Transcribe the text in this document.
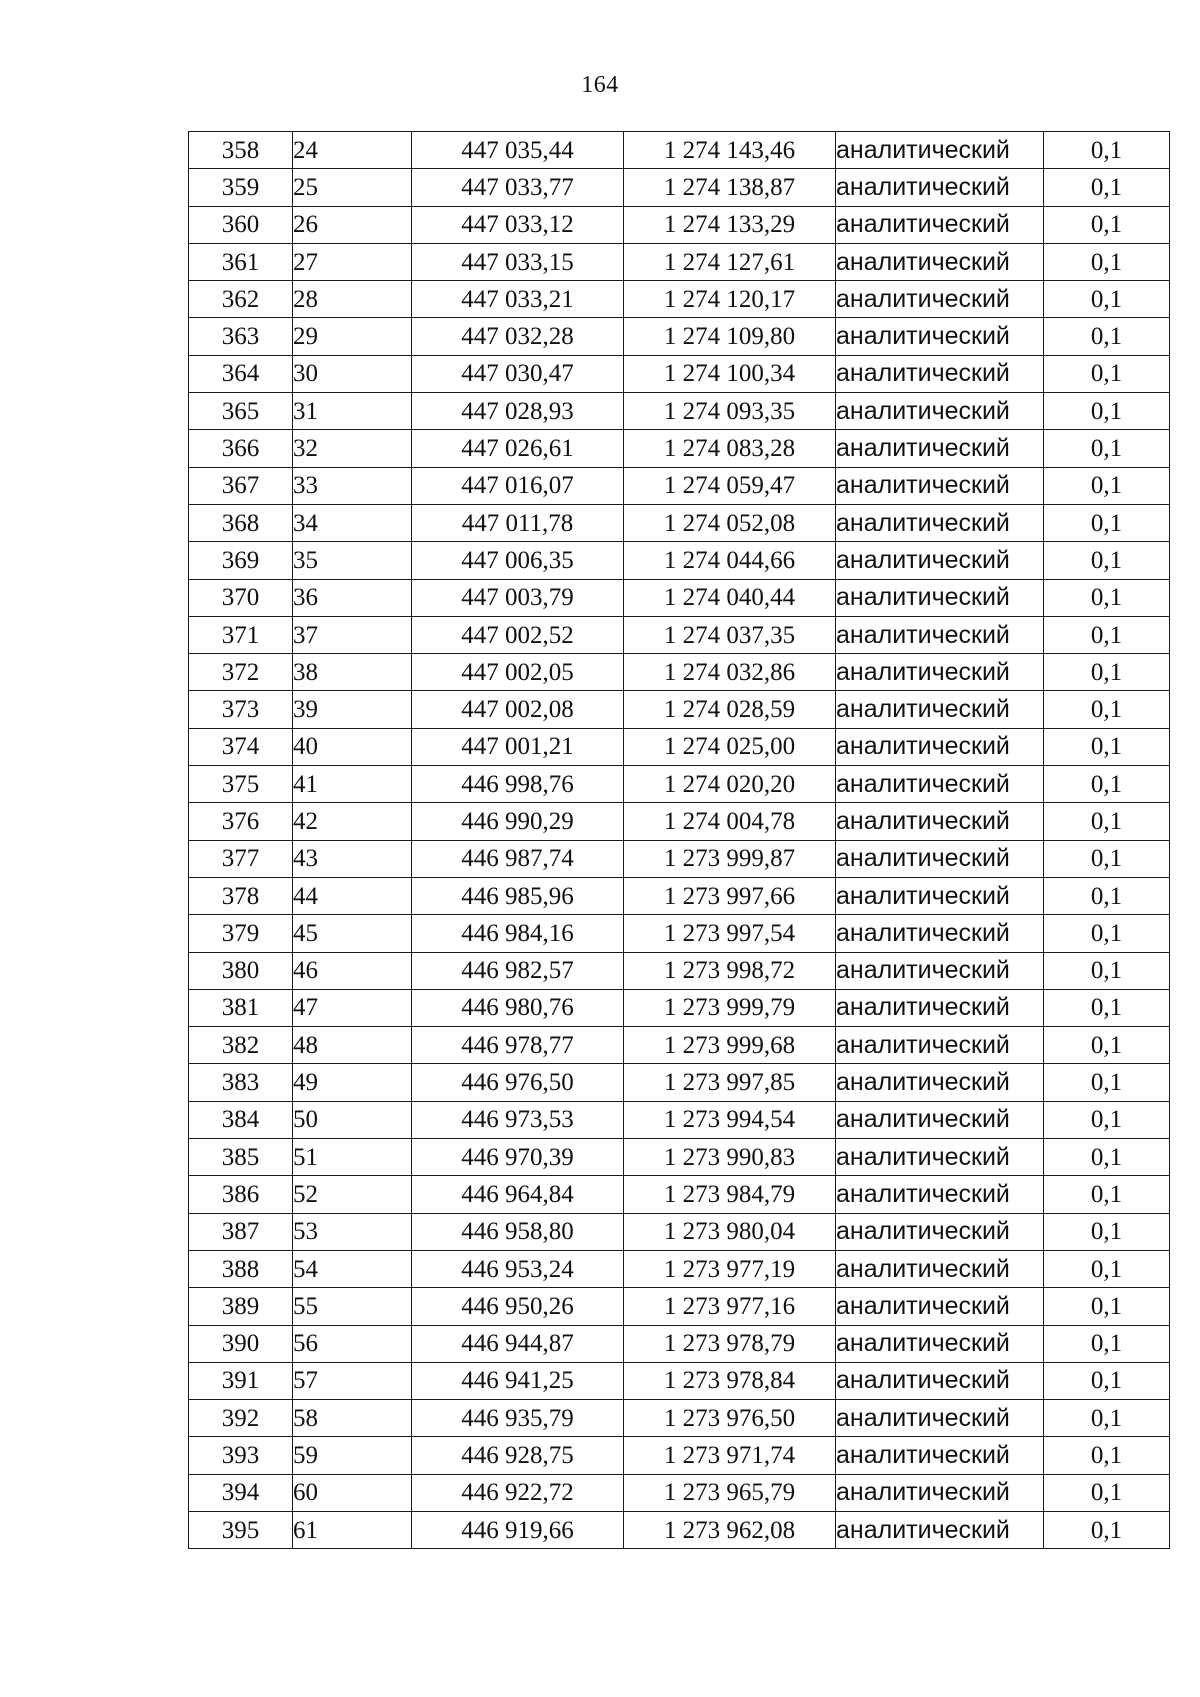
164
358	24	447 035,44	1 274 143,46	аналитический	0,1
359	25	447 033,77	1 274 138,87	аналитический	0,1
360	26	447 033,12	1 274 133,29	аналитический	0,1
361	27	447 033,15	1 274 127,61	аналитический	0,1
362	28	447 033,21	1 274 120,17	аналитический	0,1
363	29	447 032,28	1 274 109,80	аналитический	0,1
364	30	447 030,47	1 274 100,34	аналитический	0,1
365	31	447 028,93	1 274 093,35	аналитический	0,1
366	32	447 026,61	1 274 083,28	аналитический	0,1
367	33	447 016,07	1 274 059,47	аналитический	0,1
368	34	447 011,78	1 274 052,08	аналитический	0,1
369	35	447 006,35	1 274 044,66	аналитический	0,1
370	36	447 003,79	1 274 040,44	аналитический	0,1
371	37	447 002,52	1 274 037,35	аналитический	0,1
372	38	447 002,05	1 274 032,86	аналитический	0,1
373	39	447 002,08	1 274 028,59	аналитический	0,1
374	40	447 001,21	1 274 025,00	аналитический	0,1
375	41	446 998,76	1 274 020,20	аналитический	0,1
376	42	446 990,29	1 274 004,78	аналитический	0,1
377	43	446 987,74	1 273 999,87	аналитический	0,1
378	44	446 985,96	1 273 997,66	аналитический	0,1
379	45	446 984,16	1 273 997,54	аналитический	0,1
380	46	446 982,57	1 273 998,72	аналитический	0,1
381	47	446 980,76	1 273 999,79	аналитический	0,1
382	48	446 978,77	1 273 999,68	аналитический	0,1
383	49	446 976,50	1 273 997,85	аналитический	0,1
384	50	446 973,53	1 273 994,54	аналитический	0,1
385	51	446 970,39	1 273 990,83	аналитический	0,1
386	52	446 964,84	1 273 984,79	аналитический	0,1
387	53	446 958,80	1 273 980,04	аналитический	0,1
388	54	446 953,24	1 273 977,19	аналитический	0,1
389	55	446 950,26	1 273 977,16	аналитический	0,1
390	56	446 944,87	1 273 978,79	аналитический	0,1
391	57	446 941,25	1 273 978,84	аналитический	0,1
392	58	446 935,79	1 273 976,50	аналитический	0,1
393	59	446 928,75	1 273 971,74	аналитический	0,1
394	60	446 922,72	1 273 965,79	аналитический	0,1
395	61	446 919,66	1 273 962,08	аналитический	0,1
